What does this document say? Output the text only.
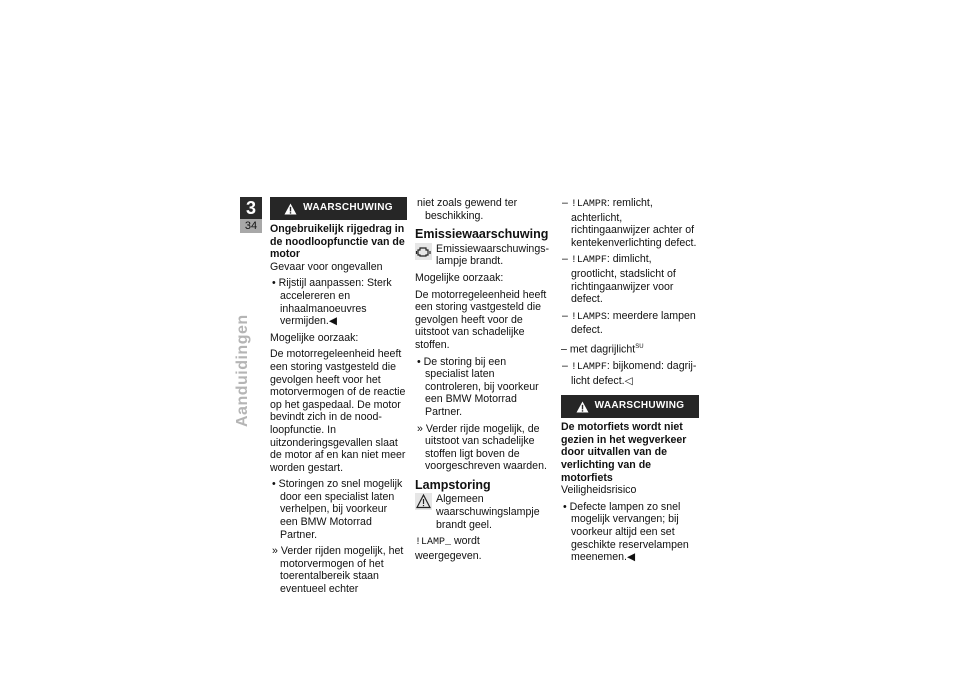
3
34
Aanduidingen
WAARSCHUWING
Ongebruikelijk rijgedrag in de noodloopfunctie van de motor

Gevaar voor ongevallen

• Rijstijl aanpassen: Sterk accelereren en inhaalmanoeuvres vermijden.◀

Mogelijke oorzaak:

De motorregeleenheid heeft een storing vastgesteld die gevolgen heeft voor het motorvermogen of de reactie op het gaspedaal. De motor bevindt zich in de noodloopfunctie. In uitzonderingsgevallen slaat de motor af en kan niet meer worden gestart.

• Storingen zo snel mogelijk door een specialist laten verhelpen, bij voorkeur een BMW Motorrad Partner.
» Verder rijden mogelijk, het motorvermogen of het toerentalbereik staan eventueel echter
niet zoals gewend ter beschikking.
Emissiewaarschuwing
Emissiewaarschuwingslampje brandt.

Mogelijke oorzaak:

De motorregeleenheid heeft een storing vastgesteld die gevolgen heeft voor de uitstoot van schadelijke stoffen.

• De storing bij een specialist laten controleren, bij voorkeur een BMW Motorrad Partner.
» Verder rijde mogelijk, de uitstoot van schadelijke stoffen ligt boven de voorgeschreven waarden.
Lampstoring
Algemeen waarschuwingslampje brandt geel.

!LAMP_ wordt weergegeven.

– !LAMPR: remlicht, achterlicht, richtingaanwijzer achter of kentekenverlichting defect.
– !LAMPF: dimlicht, grootlicht, stadslicht of richtingaanwijzer voor defect.
– !LAMPS: meerdere lampen defect.

– met dagrijlicht$^{SU}$

– !LAMPF: bijkomend: dagrijlicht defect.◁
WAARSCHUWING
De motorfiets wordt niet gezien in het wegverkeer door uitvallen van de verlichting van de motorfiets

Veiligheidsrisico

• Defecte lampen zo snel mogelijk vervangen; bij voorkeur altijd een set geschikte reservelampen meenemen.◀
